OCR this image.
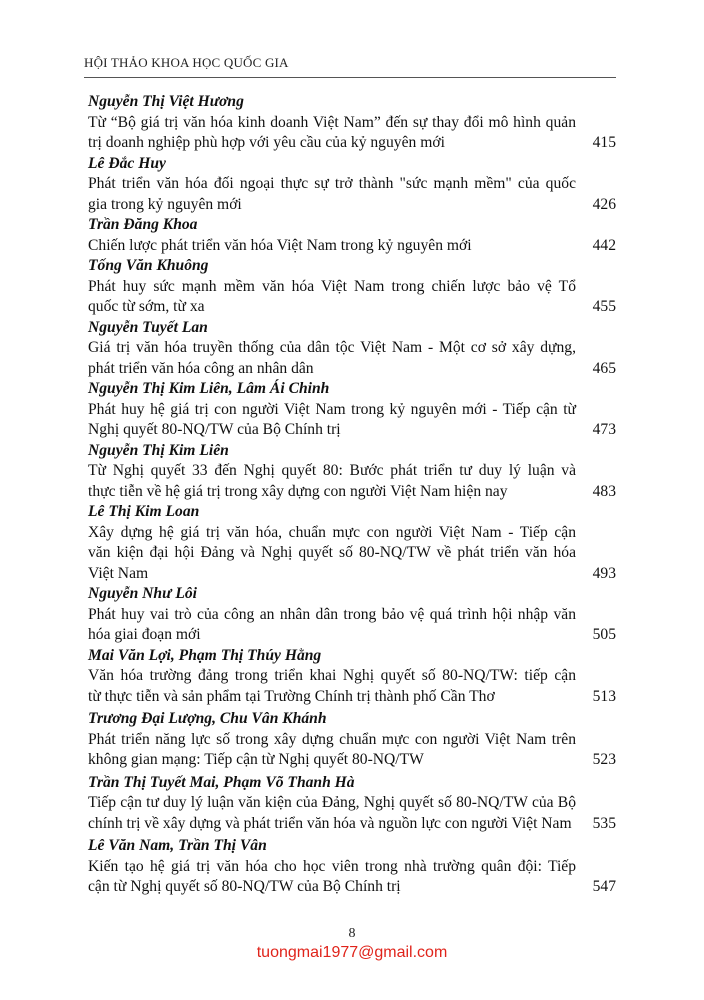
HỘI THẢO KHOA HỌC QUỐC GIA
Nguyễn Thị Việt Hương
Từ “Bộ giá trị văn hóa kinh doanh Việt Nam” đến sự thay đổi mô hình quản
trị doanh nghiệp phù hợp với yêu cầu của kỷ nguyên mới	415
Lê Đắc Huy
Phát triển văn hóa đối ngoại thực sự trở thành "sức mạnh mềm" của quốc
gia trong kỷ nguyên mới	426
Trần Đăng Khoa
Chiến lược phát triển văn hóa Việt Nam trong kỷ nguyên mới	442
Tống Văn Khuông
Phát huy sức mạnh mềm văn hóa Việt Nam trong chiến lược bảo vệ Tổ
quốc từ sớm, từ xa	455
Nguyễn Tuyết Lan
Giá trị văn hóa truyền thống của dân tộc Việt Nam - Một cơ sở xây dựng,
phát triển văn hóa công an nhân dân	465
Nguyễn Thị Kim Liên, Lâm Ái Chinh
Phát huy hệ giá trị con người Việt Nam trong kỷ nguyên mới - Tiếp cận từ
Nghị quyết 80-NQ/TW của Bộ Chính trị	473
Nguyễn Thị Kim Liên
Từ Nghị quyết 33 đến Nghị quyết 80: Bước phát triển tư duy lý luận và
thực tiễn về hệ giá trị trong xây dựng con người Việt Nam hiện nay	483
Lê Thị Kim Loan
Xây dựng hệ giá trị văn hóa, chuẩn mực con người Việt Nam - Tiếp cận
văn kiện đại hội Đảng và Nghị quyết số 80-NQ/TW về phát triển văn hóa
Việt Nam	493
Nguyễn Như Lôi
Phát huy vai trò của công an nhân dân trong bảo vệ quá trình hội nhập văn
hóa giai đoạn mới	505
Mai Văn Lợi, Phạm Thị Thúy Hằng
Văn hóa trường đảng trong triển khai Nghị quyết số 80-NQ/TW: tiếp cận
từ thực tiễn và sản phẩm tại Trường Chính trị thành phố Cần Thơ	513
Trương Đại Lượng, Chu Vân Khánh
Phát triển năng lực số trong xây dựng chuẩn mực con người Việt Nam trên
không gian mạng: Tiếp cận từ Nghị quyết 80-NQ/TW	523
Trần Thị Tuyết Mai, Phạm Võ Thanh Hà
Tiếp cận tư duy lý luận văn kiện của Đảng, Nghị quyết số 80-NQ/TW của Bộ
chính trị về xây dựng và phát triển văn hóa và nguồn lực con người Việt Nam	535
Lê Văn Nam, Trần Thị Vân
Kiến tạo hệ giá trị văn hóa cho học viên trong nhà trường quân đội: Tiếp
cận từ Nghị quyết số 80-NQ/TW của Bộ Chính trị	547
8
tuongmai1977@gmail.com
